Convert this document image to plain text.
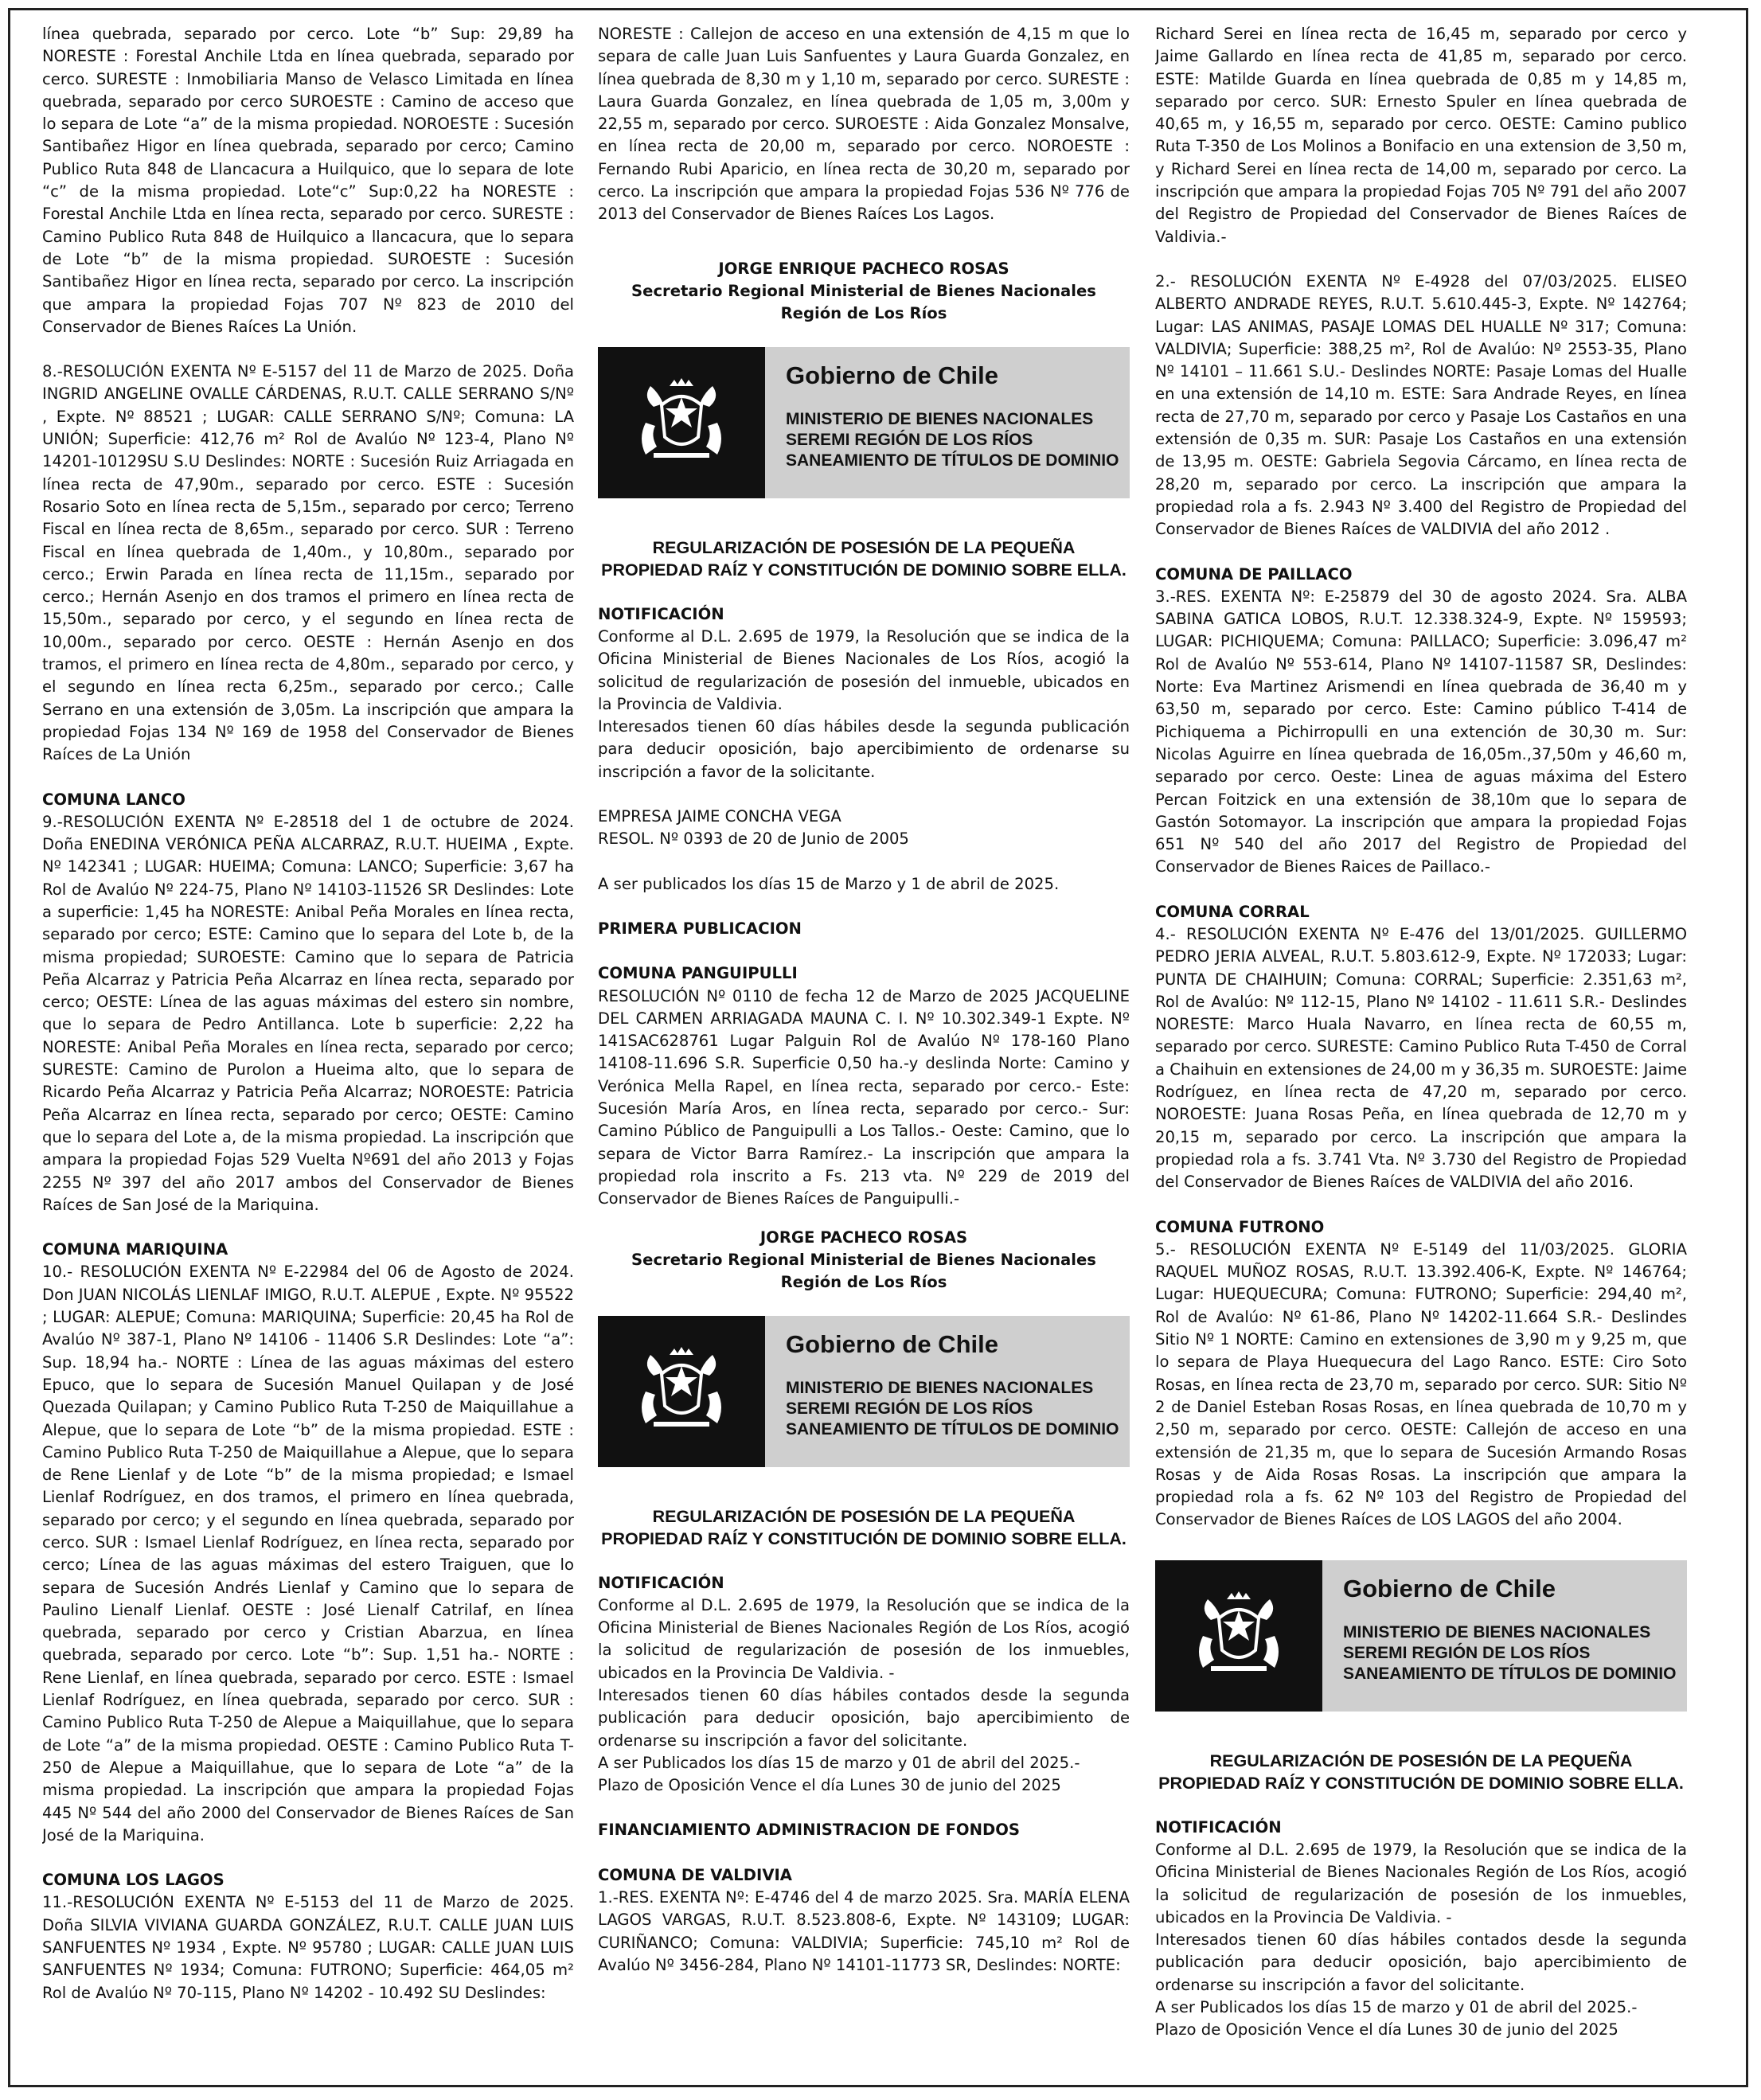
línea quebrada, separado por cerco. Lote “b” Sup: 29,89 ha NORESTE : Forestal Anchile Ltda en línea quebrada, separado por cerco. SURESTE : Inmobiliaria Manso de Velasco Limitada en línea quebrada, separado por cerco SUROESTE : Camino de acceso que lo separa de Lote “a” de la misma propiedad. NOROESTE : Sucesión Santibañez Higor en línea quebrada, separado por cerco; Camino Publico Ruta 848 de Llancacura a Huilquico, que lo separa de lote “c” de la misma propiedad. Lote“c” Sup:0,22 ha NORESTE : Forestal Anchile Ltda en línea recta, separado por cerco. SURESTE : Camino Publico Ruta 848 de Huilquico a llancacura, que lo separa de Lote “b” de la misma propiedad. SUROESTE : Sucesión Santibañez Higor en línea recta, separado por cerco. La inscripción que ampara la propiedad Fojas 707 Nº 823 de 2010 del Conservador de Bienes Raíces La Unión.

8.-RESOLUCIÓN EXENTA Nº E-5157 del 11 de Marzo de 2025. Doña INGRID ANGELINE OVALLE CÁRDENAS, R.U.T. CALLE SERRANO S/Nº , Expte. Nº 88521 ; LUGAR: CALLE SERRANO S/Nº; Comuna: LA UNIÓN; Superficie: 412,76 m² Rol de Avalúo Nº 123-4, Plano Nº 14201-10129SU S.U Deslindes: NORTE : Sucesión Ruiz Arriagada en línea recta de 47,90m., separado por cerco. ESTE : Sucesión Rosario Soto en línea recta de 5,15m., separado por cerco; Terreno Fiscal en línea recta de 8,65m., separado por cerco. SUR : Terreno Fiscal en línea quebrada de 1,40m., y 10,80m., separado por cerco.; Erwin Parada en línea recta de 11,15m., separado por cerco.; Hernán Asenjo en dos tramos el primero en línea recta de 15,50m., separado por cerco, y el segundo en línea recta de 10,00m., separado por cerco. OESTE : Hernán Asenjo en dos tramos, el primero en línea recta de 4,80m., separado por cerco, y el segundo en línea recta 6,25m., separado por cerco.; Calle Serrano en una extensión de 3,05m. La inscripción que ampara la propiedad Fojas 134 Nº 169 de 1958 del Conservador de Bienes Raíces de La Unión

COMUNA LANCO

9.-RESOLUCIÓN EXENTA Nº E-28518 del 1 de octubre de 2024. Doña ENEDINA VERÓNICA PEÑA ALCARRAZ, R.U.T. HUEIMA , Expte. Nº 142341 ; LUGAR: HUEIMA; Comuna: LANCO; Superficie: 3,67 ha Rol de Avalúo Nº 224-75, Plano Nº 14103-11526 SR Deslindes: Lote a superficie: 1,45 ha NORESTE: Anibal Peña Morales en línea recta, separado por cerco; ESTE: Camino que lo separa del Lote b, de la misma propiedad; SUROESTE: Camino que lo separa de Patricia Peña Alcarraz y Patricia Peña Alcarraz en línea recta, separado por cerco; OESTE: Línea de las aguas máximas del estero sin nombre, que lo separa de Pedro Antillanca. Lote b superficie: 2,22 ha NORESTE: Anibal Peña Morales en línea recta, separado por cerco; SURESTE: Camino de Purolon a Hueima alto, que lo separa de Ricardo Peña Alcarraz y Patricia Peña Alcarraz; NOROESTE: Patricia Peña Alcarraz en línea recta, separado por cerco; OESTE: Camino que lo separa del Lote a, de la misma propiedad. La inscripción que ampara la propiedad Fojas 529 Vuelta Nº691 del año 2013 y Fojas 2255 Nº 397 del año 2017 ambos del Conservador de Bienes Raíces de San José de la Mariquina.

COMUNA MARIQUINA

10.- RESOLUCIÓN EXENTA Nº E-22984 del 06 de Agosto de 2024. Don JUAN NICOLÁS LIENLAF IMIGO, R.U.T. ALEPUE , Expte. Nº 95522 ; LUGAR: ALEPUE; Comuna: MARIQUINA; Superficie: 20,45 ha Rol de Avalúo Nº 387-1, Plano Nº 14106 - 11406 S.R Deslindes: Lote “a”: Sup. 18,94 ha.- NORTE : Línea de las aguas máximas del estero Epuco, que lo separa de Sucesión Manuel Quilapan y de José Quezada Quilapan; y Camino Publico Ruta T-250 de Maiquillahue a Alepue, que lo separa de Lote “b” de la misma propiedad. ESTE : Camino Publico Ruta T-250 de Maiquillahue a Alepue, que lo separa de Rene Lienlaf y de Lote “b” de la misma propiedad; e Ismael Lienlaf Rodríguez, en dos tramos, el primero en línea quebrada, separado por cerco; y el segundo en línea quebrada, separado por cerco. SUR : Ismael Lienlaf Rodríguez, en línea recta, separado por cerco; Línea de las aguas máximas del estero Traiguen, que lo separa de Sucesión Andrés Lienlaf y Camino que lo separa de Paulino Lienalf Lienlaf. OESTE : José Lienalf Catrilaf, en línea quebrada, separado por cerco y Cristian Abarzua, en línea quebrada, separado por cerco. Lote “b”: Sup. 1,51 ha.- NORTE : Rene Lienlaf, en línea quebrada, separado por cerco. ESTE : Ismael Lienlaf Rodríguez, en línea quebrada, separado por cerco. SUR : Camino Publico Ruta T-250 de Alepue a Maiquillahue, que lo separa de Lote “a” de la misma propiedad. OESTE : Camino Publico Ruta T-250 de Alepue a Maiquillahue, que lo separa de Lote “a” de la misma propiedad. La inscripción que ampara la propiedad Fojas 445 Nº 544 del año 2000 del Conservador de Bienes Raíces de San José de la Mariquina.

COMUNA LOS LAGOS

11.-RESOLUCIÓN EXENTA Nº E-5153 del 11 de Marzo de 2025. Doña SILVIA VIVIANA GUARDA GONZÁLEZ, R.U.T. CALLE JUAN LUIS SANFUENTES Nº 1934 , Expte. Nº 95780 ; LUGAR: CALLE JUAN LUIS SANFUENTES Nº 1934; Comuna: FUTRONO; Superficie: 464,05 m² Rol de Avalúo Nº 70-115, Plano Nº 14202 - 10.492 SU Deslindes:

NORESTE : Callejon de acceso en una extensión de 4,15 m que lo separa de calle Juan Luis Sanfuentes y Laura Guarda Gonzalez, en línea quebrada de 8,30 m y 1,10 m, separado por cerco. SURESTE : Laura Guarda Gonzalez, en línea quebrada de 1,05 m, 3,00m y 22,55 m, separado por cerco. SUROESTE : Aida Gonzalez Monsalve, en línea recta de 20,00 m, separado por cerco. NOROESTE : Fernando Rubi Aparicio, en línea recta de 30,20 m, separado por cerco. La inscripción que ampara la propiedad Fojas 536 Nº 776 de 2013 del Conservador de Bienes Raíces Los Lagos.

JORGE ENRIQUE PACHECO ROSAS
Secretario Regional Ministerial de Bienes Nacionales
Región de Los Ríos
Gobierno de Chile
MINISTERIO DE BIENES NACIONALES
SEREMI REGIÓN DE LOS RÍOS
SANEAMIENTO DE TÍTULOS DE DOMINIO
REGULARIZACIÓN DE POSESIÓN DE LA PEQUEÑA
PROPIEDAD RAÍZ Y CONSTITUCIÓN DE DOMINIO SOBRE ELLA.

NOTIFICACIÓN

Conforme al D.L. 2.695 de 1979, la Resolución que se indica de la Oficina Ministerial de Bienes Nacionales de Los Ríos, acogió la solicitud de regularización de posesión del inmueble, ubicados en la Provincia de Valdivia.

Interesados tienen 60 días hábiles desde la segunda publicación para deducir oposición, bajo apercibimiento de ordenarse su inscripción a favor de la solicitante.

EMPRESA JAIME CONCHA VEGA

RESOL. Nº 0393 de 20 de Junio de 2005

A ser publicados los días 15 de Marzo y 1 de abril de 2025.

PRIMERA PUBLICACION

COMUNA PANGUIPULLI

RESOLUCIÓN Nº 0110 de fecha 12 de Marzo de 2025 JACQUELINE DEL CARMEN ARRIAGADA MAUNA C. I. Nº 10.302.349-1 Expte. Nº 141SAC628761 Lugar Palguin Rol de Avalúo Nº 178-160 Plano 14108-11.696 S.R. Superficie 0,50 ha.-y deslinda Norte: Camino y Verónica Mella Rapel, en línea recta, separado por cerco.- Este: Sucesión María Aros, en línea recta, separado por cerco.- Sur: Camino Público de Panguipulli a Los Tallos.- Oeste: Camino, que lo separa de Victor Barra Ramírez.- La inscripción que ampara la propiedad rola inscrito a Fs. 213 vta. Nº 229 de 2019 del Conservador de Bienes Raíces de Panguipulli.-

JORGE PACHECO ROSAS
Secretario Regional Ministerial de Bienes Nacionales
Región de Los Ríos
Gobierno de Chile
MINISTERIO DE BIENES NACIONALES
SEREMI REGIÓN DE LOS RÍOS
SANEAMIENTO DE TÍTULOS DE DOMINIO
REGULARIZACIÓN DE POSESIÓN DE LA PEQUEÑA
PROPIEDAD RAÍZ Y CONSTITUCIÓN DE DOMINIO SOBRE ELLA.

NOTIFICACIÓN

Conforme al D.L. 2.695 de 1979, la Resolución que se indica de la Oficina Ministerial de Bienes Nacionales Región de Los Ríos, acogió la solicitud de regularización de posesión de los inmuebles, ubicados en la Provincia De Valdivia. -

Interesados tienen 60 días hábiles contados desde la segunda publicación para deducir oposición, bajo apercibimiento de ordenarse su inscripción a favor del solicitante.

A ser Publicados los días 15 de marzo y 01 de abril del 2025.-

Plazo de Oposición Vence el día Lunes 30 de junio del 2025

FINANCIAMIENTO ADMINISTRACION DE FONDOS

COMUNA DE VALDIVIA

1.-RES. EXENTA Nº: E-4746 del 4 de marzo 2025. Sra. MARÍA ELENA LAGOS VARGAS, R.U.T. 8.523.808-6, Expte. Nº 143109; LUGAR: CURIÑANCO; Comuna: VALDIVIA; Superficie: 745,10 m² Rol de Avalúo Nº 3456-284, Plano Nº 14101-11773 SR, Deslindes: NORTE:

Richard Serei en línea recta de 16,45 m, separado por cerco y Jaime Gallardo en línea recta de 41,85 m, separado por cerco. ESTE: Matilde Guarda en línea quebrada de 0,85 m y 14,85 m, separado por cerco. SUR: Ernesto Spuler en línea quebrada de 40,65 m, y 16,55 m, separado por cerco. OESTE: Camino publico Ruta T-350 de Los Molinos a Bonifacio en una extension de 3,50 m, y Richard Serei en línea recta de 14,00 m, separado por cerco. La inscripción que ampara la propiedad Fojas 705 Nº 791 del año 2007 del Registro de Propiedad del Conservador de Bienes Raíces de Valdivia.-

2.- RESOLUCIÓN EXENTA Nº E-4928 del 07/03/2025. ELISEO ALBERTO ANDRADE REYES, R.U.T. 5.610.445-3, Expte. Nº 142764; Lugar: LAS ANIMAS, PASAJE LOMAS DEL HUALLE Nº 317; Comuna: VALDIVIA; Superficie: 388,25 m², Rol de Avalúo: Nº 2553-35, Plano Nº 14101 – 11.661 S.U.- Deslindes NORTE: Pasaje Lomas del Hualle en una extensión de 14,10 m. ESTE: Sara Andrade Reyes, en línea recta de 27,70 m, separado por cerco y Pasaje Los Castaños en una extensión de 0,35 m. SUR: Pasaje Los Castaños en una extensión de 13,95 m. OESTE: Gabriela Segovia Cárcamo, en línea recta de 28,20 m, separado por cerco. La inscripción que ampara la propiedad rola a fs. 2.943 Nº 3.400 del Registro de Propiedad del Conservador de Bienes Raíces de VALDIVIA del año 2012 .

COMUNA DE PAILLACO

3.-RES. EXENTA Nº: E-25879 del 30 de agosto 2024. Sra. ALBA SABINA GATICA LOBOS, R.U.T. 12.338.324-9, Expte. Nº 159593; LUGAR: PICHIQUEMA; Comuna: PAILLACO; Superficie: 3.096,47 m² Rol de Avalúo Nº 553-614, Plano Nº 14107-11587 SR, Deslindes: Norte: Eva Martinez Arismendi en línea quebrada de 36,40 m y 63,50 m, separado por cerco. Este: Camino público T-414 de Pichiquema a Pichirropulli en una extención de 30,30 m. Sur: Nicolas Aguirre en línea quebrada de 16,05m.,37,50m y 46,60 m, separado por cerco. Oeste: Linea de aguas máxima del Estero Percan Foitzick en una extensión de 38,10m que lo separa de Gastón Sotomayor. La inscripción que ampara la propiedad Fojas 651 Nº 540 del año 2017 del Registro de Propiedad del Conservador de Bienes Raices de Paillaco.-

COMUNA CORRAL

4.- RESOLUCIÓN EXENTA Nº E-476 del 13/01/2025. GUILLERMO PEDRO JERIA ALVEAL, R.U.T. 5.803.612-9, Expte. Nº 172033; Lugar: PUNTA DE CHAIHUIN; Comuna: CORRAL; Superficie: 2.351,63 m², Rol de Avalúo: Nº 112-15, Plano Nº 14102 - 11.611 S.R.- Deslindes NORESTE: Marco Huala Navarro, en línea recta de 60,55 m, separado por cerco. SURESTE: Camino Publico Ruta T-450 de Corral a Chaihuin en extensiones de 24,00 m y 36,35 m. SUROESTE: Jaime Rodríguez, en línea recta de 47,20 m, separado por cerco. NOROESTE: Juana Rosas Peña, en línea quebrada de 12,70 m y 20,15 m, separado por cerco. La inscripción que ampara la propiedad rola a fs. 3.741 Vta. Nº 3.730 del Registro de Propiedad del Conservador de Bienes Raíces de VALDIVIA del año 2016.

COMUNA FUTRONO

5.- RESOLUCIÓN EXENTA Nº E-5149 del 11/03/2025. GLORIA RAQUEL MUÑOZ ROSAS, R.U.T. 13.392.406-K, Expte. Nº 146764; Lugar: HUEQUECURA; Comuna: FUTRONO; Superficie: 294,40 m², Rol de Avalúo: Nº 61-86, Plano Nº 14202-11.664 S.R.- Deslindes Sitio Nº 1 NORTE: Camino en extensiones de 3,90 m y 9,25 m, que lo separa de Playa Huequecura del Lago Ranco. ESTE: Ciro Soto Rosas, en línea recta de 23,70 m, separado por cerco. SUR: Sitio Nº 2 de Daniel Esteban Rosas Rosas, en línea quebrada de 10,70 m y 2,50 m, separado por cerco. OESTE: Callejón de acceso en una extensión de 21,35 m, que lo separa de Sucesión Armando Rosas Rosas y de Aida Rosas Rosas. La inscripción que ampara la propiedad rola a fs. 62 Nº 103 del Registro de Propiedad del Conservador de Bienes Raíces de LOS LAGOS del año 2004.

Gobierno de Chile
MINISTERIO DE BIENES NACIONALES
SEREMI REGIÓN DE LOS RÍOS
SANEAMIENTO DE TÍTULOS DE DOMINIO
REGULARIZACIÓN DE POSESIÓN DE LA PEQUEÑA
PROPIEDAD RAÍZ Y CONSTITUCIÓN DE DOMINIO SOBRE ELLA.

NOTIFICACIÓN

Conforme al D.L. 2.695 de 1979, la Resolución que se indica de la Oficina Ministerial de Bienes Nacionales Región de Los Ríos, acogió la solicitud de regularización de posesión de los inmuebles, ubicados en la Provincia De Valdivia. -

Interesados tienen 60 días hábiles contados desde la segunda publicación para deducir oposición, bajo apercibimiento de ordenarse su inscripción a favor del solicitante.

A ser Publicados los días 15 de marzo y 01 de abril del 2025.-

Plazo de Oposición Vence el día Lunes 30 de junio del 2025
